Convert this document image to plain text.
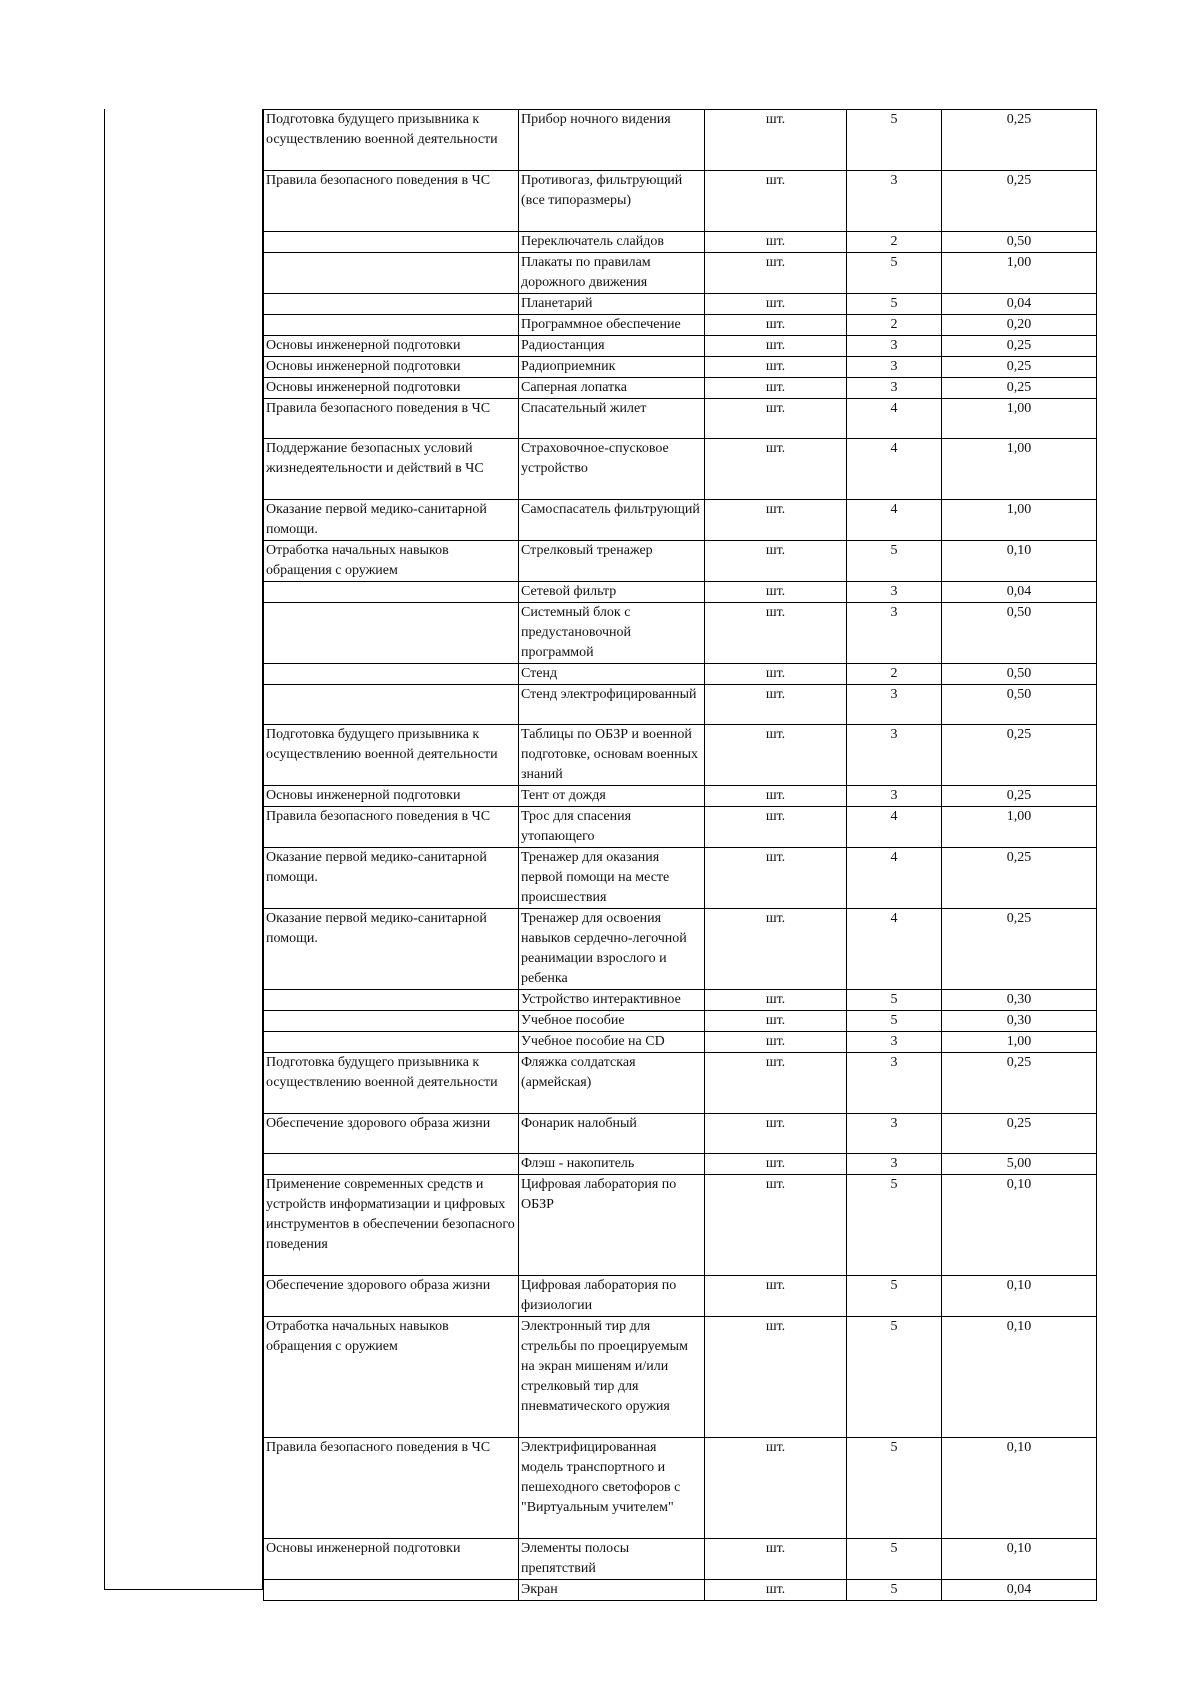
Подготовка будущего призывника к осуществлению военной деятельности	Прибор ночного видения	шт.	5	0,25
Правила безопасного поведения в ЧС	Противогаз, фильтрующий (все типоразмеры)	шт.	3	0,25
	Переключатель слайдов	шт.	2	0,50
	Плакаты по правилам дорожного движения	шт.	5	1,00
	Планетарий	шт.	5	0,04
	Программное обеспечение	шт.	2	0,20
Основы инженерной подготовки	Радиостанция	шт.	3	0,25
Основы инженерной подготовки	Радиоприемник	шт.	3	0,25
Основы инженерной подготовки	Саперная лопатка	шт.	3	0,25
Правила безопасного поведения в ЧС	Спасательный жилет	шт.	4	1,00
Поддержание безопасных условий жизнедеятельности и действий в ЧС	Страховочное-спусковое устройство	шт.	4	1,00
Оказание первой медико-санитарной помощи.	Самоспасатель фильтрующий	шт.	4	1,00
Отработка начальных навыков обращения с оружием	Стрелковый тренажер	шт.	5	0,10
	Сетевой фильтр	шт.	3	0,04
	Системный блок с предустановочной программой	шт.	3	0,50
	Стенд	шт.	2	0,50
	Стенд электрофицированный	шт.	3	0,50
Подготовка будущего призывника к осуществлению военной деятельности	Таблицы по ОБЗР и военной подготовке, основам военных знаний	шт.	3	0,25
Основы инженерной подготовки	Тент от дождя	шт.	3	0,25
Правила безопасного поведения в ЧС	Трос для спасения утопающего	шт.	4	1,00
Оказание первой медико-санитарной помощи.	Тренажер для оказания первой помощи на месте происшествия	шт.	4	0,25
Оказание первой медико-санитарной помощи.	Тренажер для освоения навыков сердечно-легочной реанимации взрослого и ребенка	шт.	4	0,25
	Устройство интерактивное	шт.	5	0,30
	Учебное пособие	шт.	5	0,30
	Учебное пособие на CD	шт.	3	1,00
Подготовка будущего призывника к осуществлению военной деятельности	Фляжка солдатская (армейская)	шт.	3	0,25
Обеспечение здорового образа жизни	Фонарик налобный	шт.	3	0,25
	Флэш - накопитель	шт.	3	5,00
Применение современных средств и устройств информатизации и цифровых инструментов в обеспечении безопасного поведения	Цифровая лаборатория по ОБЗР	шт.	5	0,10
Обеспечение здорового образа жизни	Цифровая лаборатория по физиологии	шт.	5	0,10
Отработка начальных навыков обращения с оружием	Электронный тир для стрельбы по проецируемым на экран мишеням и/или стрелковый тир для пневматического оружия	шт.	5	0,10
Правила безопасного поведения в ЧС	Электрифицированная модель транспортного и пешеходного светофоров с "Виртуальным учителем"	шт.	5	0,10
Основы инженерной подготовки	Элементы полосы препятствий	шт.	5	0,10
	Экран	шт.	5	0,04
